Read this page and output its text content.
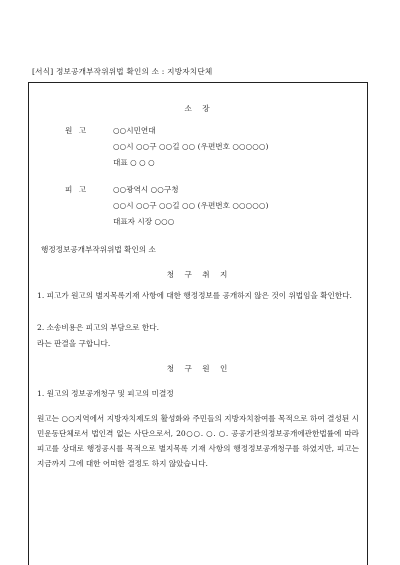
[서식] 정보공개부작위위법 확인의 소 : 지방자치단체
소 장
원 고	○○시민연대
○○시 ○○구 ○○길 ○○ (우편번호 ○○○○○)
대표 ○ ○ ○
피 고	○○광역시 ○○구청
○○시 ○○구 ○○길 ○○ (우편번호 ○○○○○)
대표자 시장 ○○○
행정정보공개부작위위법 확인의 소
청 구 취 지
1. 피고가 원고의 별지목록기재 사항에 대한 행정정보를 공개하지 않은 것이 위법임을 확인한다.
2. 소송비용은 피고의 부담으로 한다.
라는 판결을 구합니다.
청 구 원 인
1. 원고의 정보공개청구 및 피고의 미결정
원고는 ○○지역에서 지방자치제도의 활성화와 주민들의 지방자치참여를 목적으로 하여 결성된 시민운동단체로서 법인격 없는 사단으로서, 20○○. ○. ○. 공공기관의정보공개에관한법률에 따라 피고를 상대로 행정공시를 목적으로 별지목록 기재 사항의 행정정보공개청구를 하였지만, 피고는 지금까지 그에 대한 어떠한 결정도 하지 않았습니다.
